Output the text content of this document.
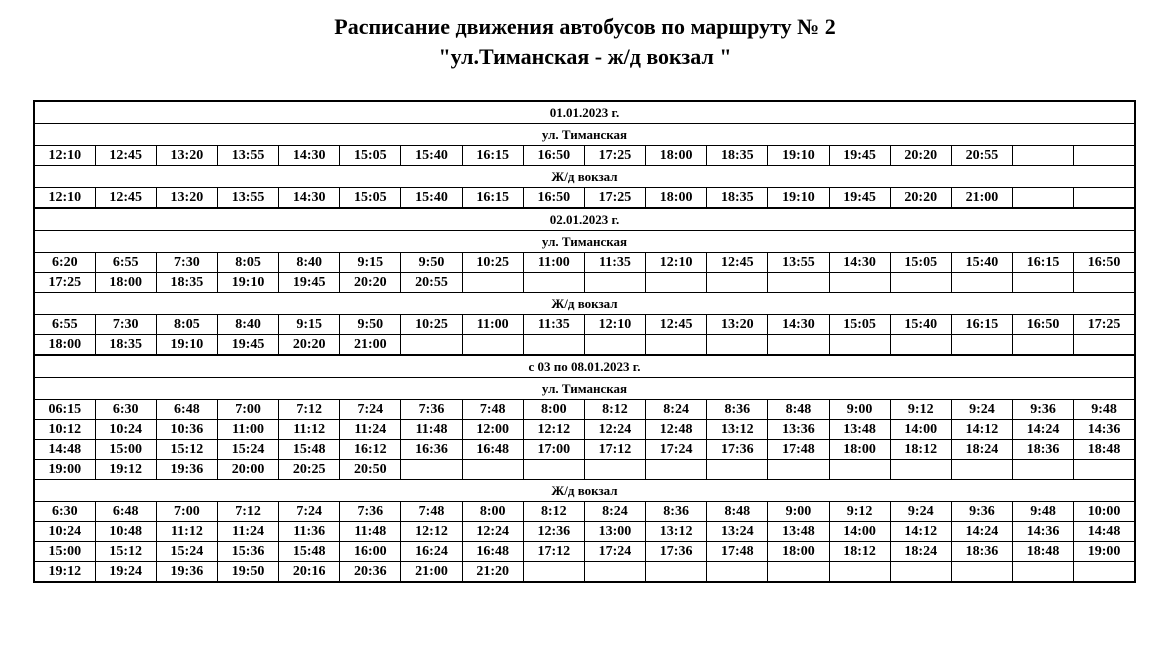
Расписание движения автобусов по маршруту № 2
"ул.Тиманская - ж/д вокзал "
01.01.2023 г.																	
ул. Тиманская																	
12:10	12:45	13:20	13:55	14:30	15:05	15:40	16:15	16:50	17:25	18:00	18:35	19:10	19:45	20:20	20:55		
Ж/д вокзал																	
12:10	12:45	13:20	13:55	14:30	15:05	15:40	16:15	16:50	17:25	18:00	18:35	19:10	19:45	20:20	21:00		
02.01.2023 г.																	
ул. Тиманская																	
6:20	6:55	7:30	8:05	8:40	9:15	9:50	10:25	11:00	11:35	12:10	12:45	13:55	14:30	15:05	15:40	16:15	16:50
17:25	18:00	18:35	19:10	19:45	20:20	20:55											
Ж/д вокзал																	
6:55	7:30	8:05	8:40	9:15	9:50	10:25	11:00	11:35	12:10	12:45	13:20	14:30	15:05	15:40	16:15	16:50	17:25
18:00	18:35	19:10	19:45	20:20	21:00												
с 03 по 08.01.2023 г.																	
ул. Тиманская																	
06:15	6:30	6:48	7:00	7:12	7:24	7:36	7:48	8:00	8:12	8:24	8:36	8:48	9:00	9:12	9:24	9:36	9:48
10:12	10:24	10:36	11:00	11:12	11:24	11:48	12:00	12:12	12:24	12:48	13:12	13:36	13:48	14:00	14:12	14:24	14:36
14:48	15:00	15:12	15:24	15:48	16:12	16:36	16:48	17:00	17:12	17:24	17:36	17:48	18:00	18:12	18:24	18:36	18:48
19:00	19:12	19:36	20:00	20:25	20:50												
Ж/д вокзал																	
6:30	6:48	7:00	7:12	7:24	7:36	7:48	8:00	8:12	8:24	8:36	8:48	9:00	9:12	9:24	9:36	9:48	10:00
10:24	10:48	11:12	11:24	11:36	11:48	12:12	12:24	12:36	13:00	13:12	13:24	13:48	14:00	14:12	14:24	14:36	14:48
15:00	15:12	15:24	15:36	15:48	16:00	16:24	16:48	17:12	17:24	17:36	17:48	18:00	18:12	18:24	18:36	18:48	19:00
19:12	19:24	19:36	19:50	20:16	20:36	21:00	21:20										
